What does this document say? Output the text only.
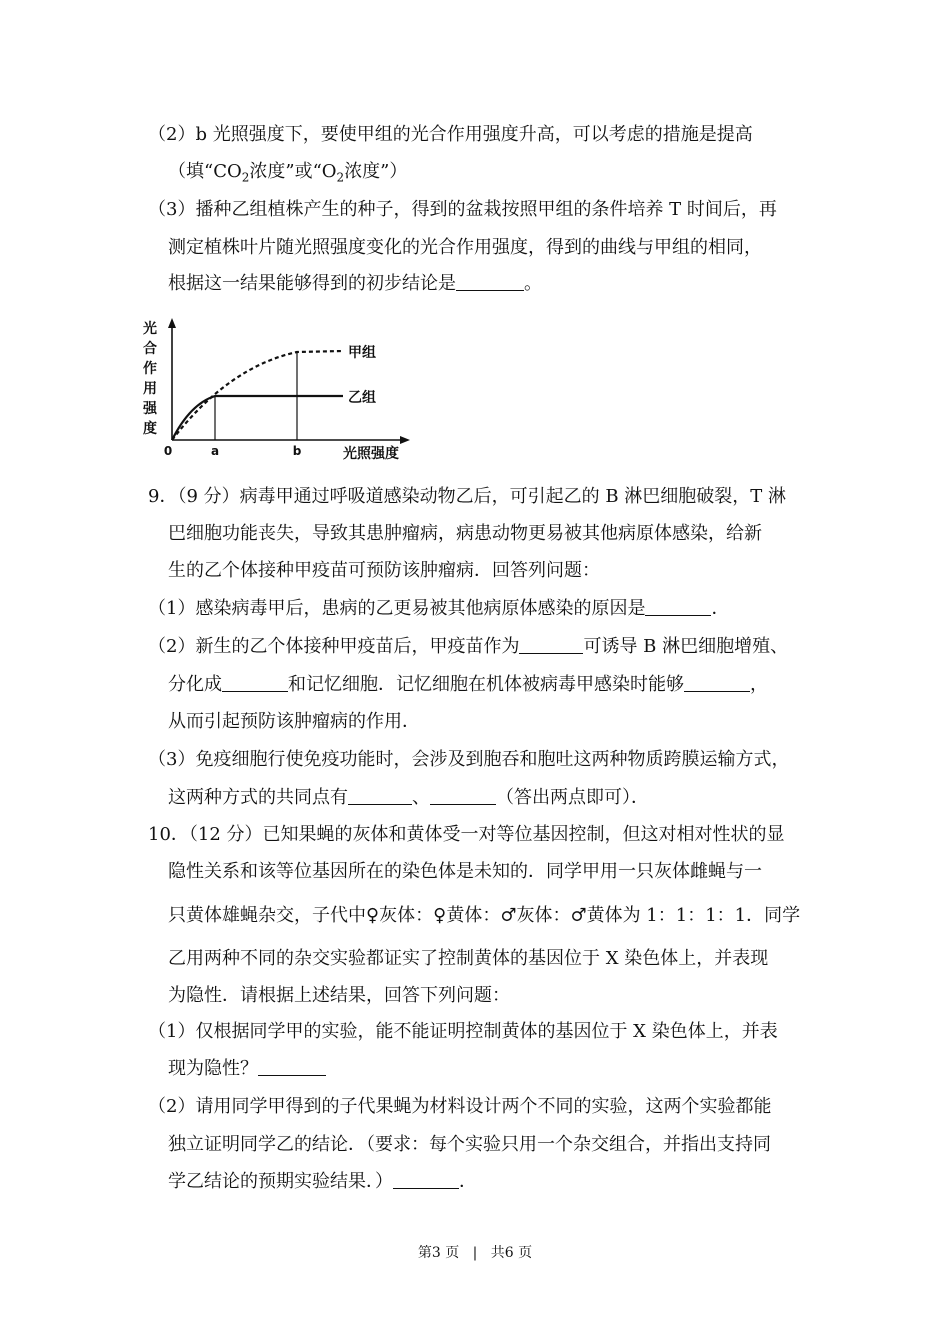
（2）b 光照强度下，要使甲组的光合作用强度升高，可以考虑的措施是提高
（填“$CO_2$浓度”或“$O_2$浓度”）
（3）播种乙组植株产生的种子，得到的盆栽按照甲组的条件培养 T 时间后，再
测定植株叶片随光照强度变化的光合作用强度，得到的曲线与甲组的相同，
根据这一结果能够得到的初步结论是	。
光
合
作
用
强
度
甲组
乙组
0	a	b	光照强度
9．（9 分）病毒甲通过呼吸道感染动物乙后，可引起乙的 B 淋巴细胞破裂，T 淋
巴细胞功能丧失，导致其患肿瘤病，病患动物更易被其他病原体感染，给新
生的乙个体接种甲疫苗可预防该肿瘤病．回答列问题：
（1）感染病毒甲后，患病的乙更易被其他病原体感染的原因是	．
（2）新生的乙个体接种甲疫苗后，甲疫苗作为	可诱导 B 淋巴细胞增殖、
分化成	和记忆细胞．记忆细胞在机体被病毒甲感染时能够	，
从而引起预防该肿瘤病的作用．
（3）免疫细胞行使免疫功能时，会涉及到胞吞和胞吐这两种物质跨膜运输方式，
这两种方式的共同点有	、	（答出两点即可）．
10．（12 分）已知果蝇的灰体和黄体受一对等位基因控制，但这对相对性状的显
隐性关系和该等位基因所在的染色体是未知的．同学甲用一只灰体雌蝇与一
只黄体雄蝇杂交，子代中♀灰体：♀黄体：♂灰体：♂黄体为 1：1：1：1．同学
乙用两种不同的杂交实验都证实了控制黄体的基因位于 X 染色体上，并表现
为隐性．请根据上述结果，回答下列问题：
（1）仅根据同学甲的实验，能不能证明控制黄体的基因位于 X 染色体上，并表
现为隐性？
（2）请用同学甲得到的子代果蝇为材料设计两个不同的实验，这两个实验都能
独立证明同学乙的结论．（要求：每个实验只用一个杂交组合，并指出支持同
学乙结论的预期实验结果．）	．
第3 页 | 共6 页
